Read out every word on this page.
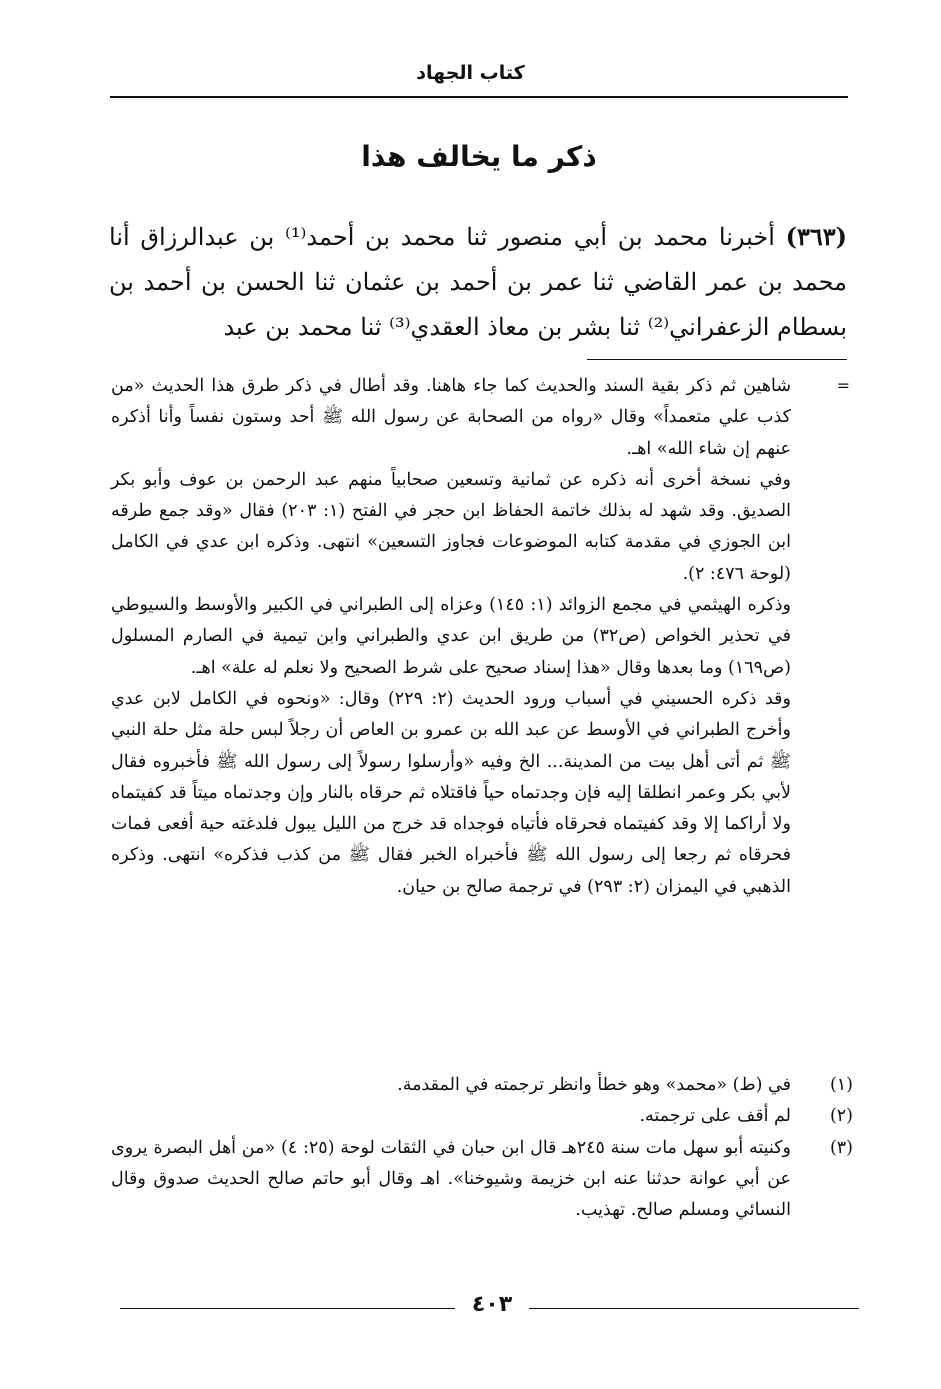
كتاب الجهاد
ذكر ما يخالف هذا

(٣٦٣) أخبرنا محمد بن أبي منصور ثنا محمد بن أحمد⁽¹⁾ بن عبدالرزاق أنا محمد بن عمر القاضي ثنا عمر بن أحمد بن عثمان ثنا الحسن بن أحمد بن بسطام الزعفراني⁽²⁾ ثنا بشر بن معاذ العقدي⁽³⁾ ثنا محمد بن عبد

=

شاهين ثم ذكر بقية السند والحديث كما جاء هاهنا. وقد أطال في ذكر طرق هذا الحديث «من كذب علي متعمداً» وقال «رواه من الصحابة عن رسول الله ﷺ أحد وستون نفساً وأنا أذكره عنهم إن شاء الله» اهـ.

وفي نسخة أخرى أنه ذكره عن ثمانية وتسعين صحابياً منهم عبد الرحمن بن عوف وأبو بكر الصديق. وقد شهد له بذلك خاتمة الحفاظ ابن حجر في الفتح (١: ٢٠٣) فقال «وقد جمع طرقه ابن الجوزي في مقدمة كتابه الموضوعات فجاوز التسعين» انتهى. وذكره ابن عدي في الكامل (لوحة ٤٧٦: ٢).

وذكره الهيثمي في مجمع الزوائد (١: ١٤٥) وعزاه إلى الطبراني في الكبير والأوسط والسيوطي في تحذير الخواص (ص٣٢) من طريق ابن عدي والطبراني وابن تيمية في الصارم المسلول (ص١٦٩) وما بعدها وقال «هذا إسناد صحيح على شرط الصحيح ولا نعلم له علة» اهـ.

وقد ذكره الحسيني في أسباب ورود الحديث (٢: ٢٢٩) وقال: «ونحوه في الكامل لابن عدي وأخرج الطبراني في الأوسط عن عبد الله بن عمرو بن العاص أن رجلاً لبس حلة مثل حلة النبي ﷺ ثم أتى أهل بيت من المدينة... الخ وفيه «وأرسلوا رسولاً إلى رسول الله ﷺ فأخبروه فقال لأبي بكر وعمر انطلقا إليه فإن وجدتماه حياً فاقتلاه ثم حرقاه بالنار وإن وجدتماه ميتاً قد كفيتماه ولا أراكما إلا وقد كفيتماه فحرقاه فأتياه فوجداه قد خرج من الليل يبول فلدغته حية أفعى فمات فحرقاه ثم رجعا إلى رسول الله ﷺ فأخبراه الخبر فقال ﷺ من كذب فذكره» انتهى. وذكره الذهبي في اليمزان (٢: ٢٩٣) في ترجمة صالح بن حيان.

(١)
في (ط) «محمد» وهو خطأ وانظر ترجمته في المقدمة.
(٢)
لم أقف على ترجمته.
(٣)
وكنيته أبو سهل مات سنة ٢٤٥هـ قال ابن حبان في الثقات لوحة (٢٥: ٤) «من أهل البصرة يروى عن أبي عوانة حدثنا عنه ابن خزيمة وشيوخنا». اهـ وقال أبو حاتم صالح الحديث صدوق وقال النسائي ومسلم صالح. تهذيب.
٤٠٣
